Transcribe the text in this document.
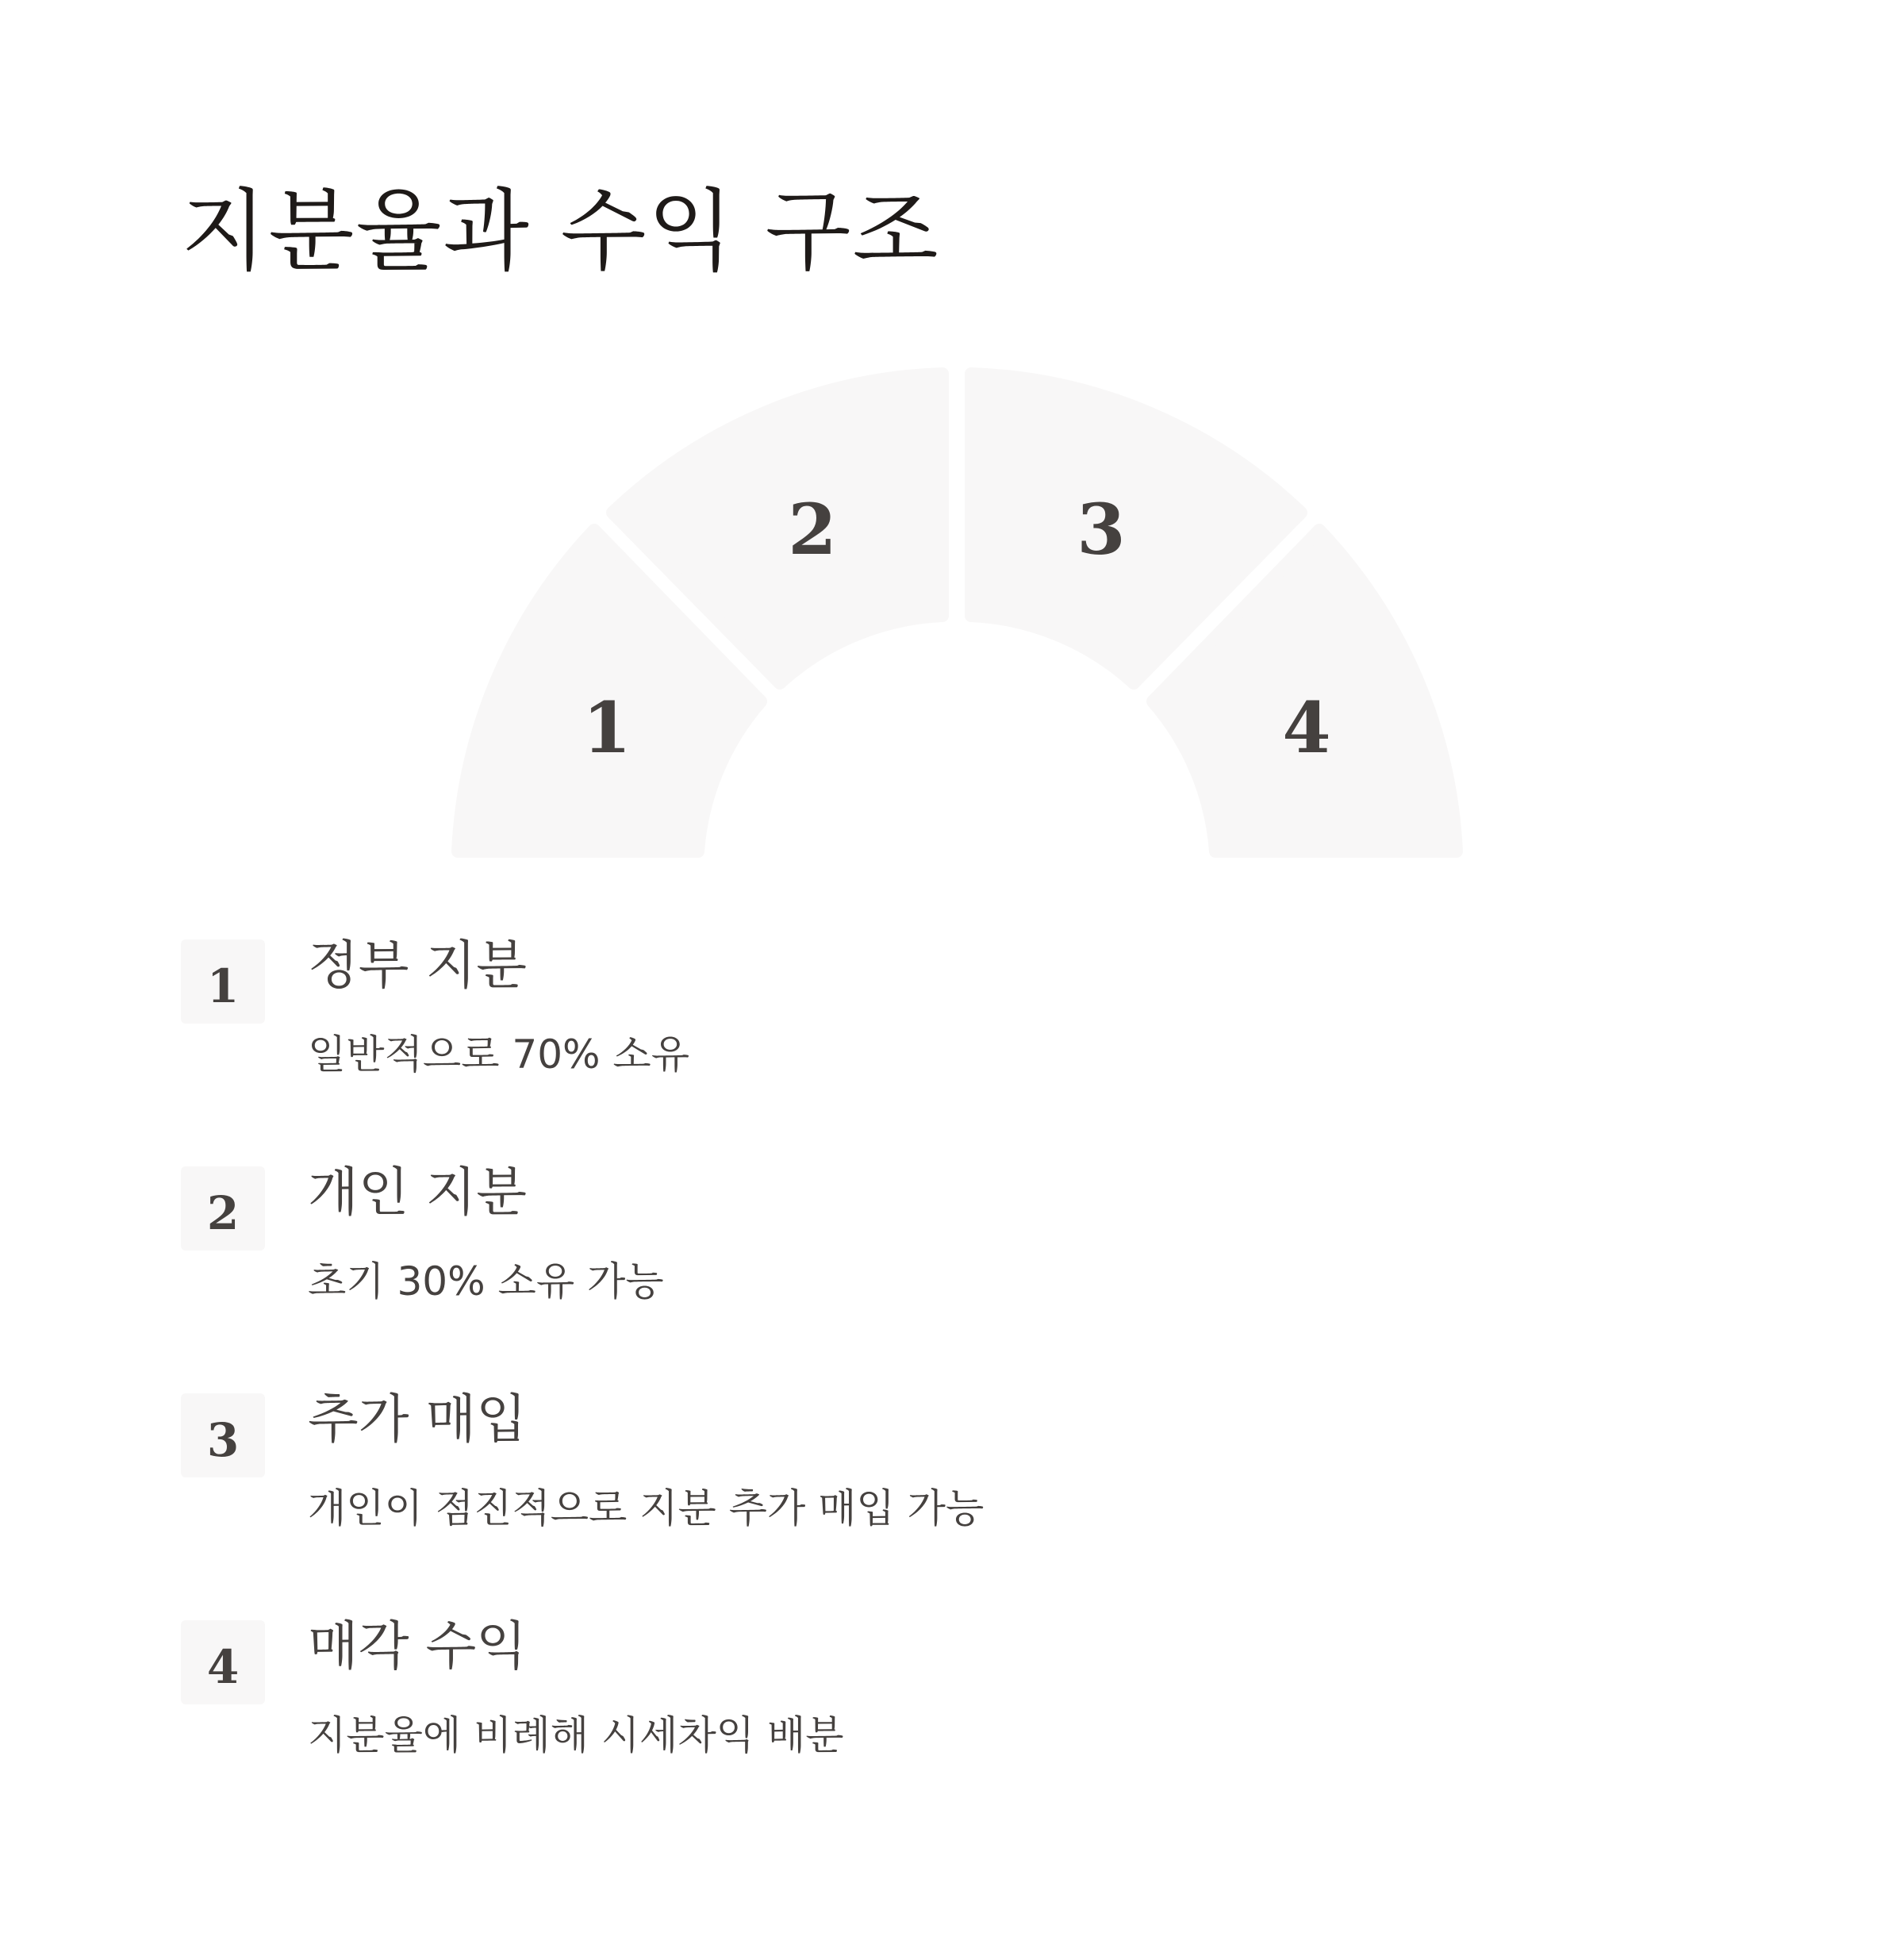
지분율과 수익 구조
1
2	3
4
1 정부 지분
일반적으로 70% 소유
2 개인 지분
초기 30% 소유 가능
3 추가 매입
개인이 점진적으로 지분 추가 매입 가능
4 매각 수익
지분율에 비례해 시세차익 배분
